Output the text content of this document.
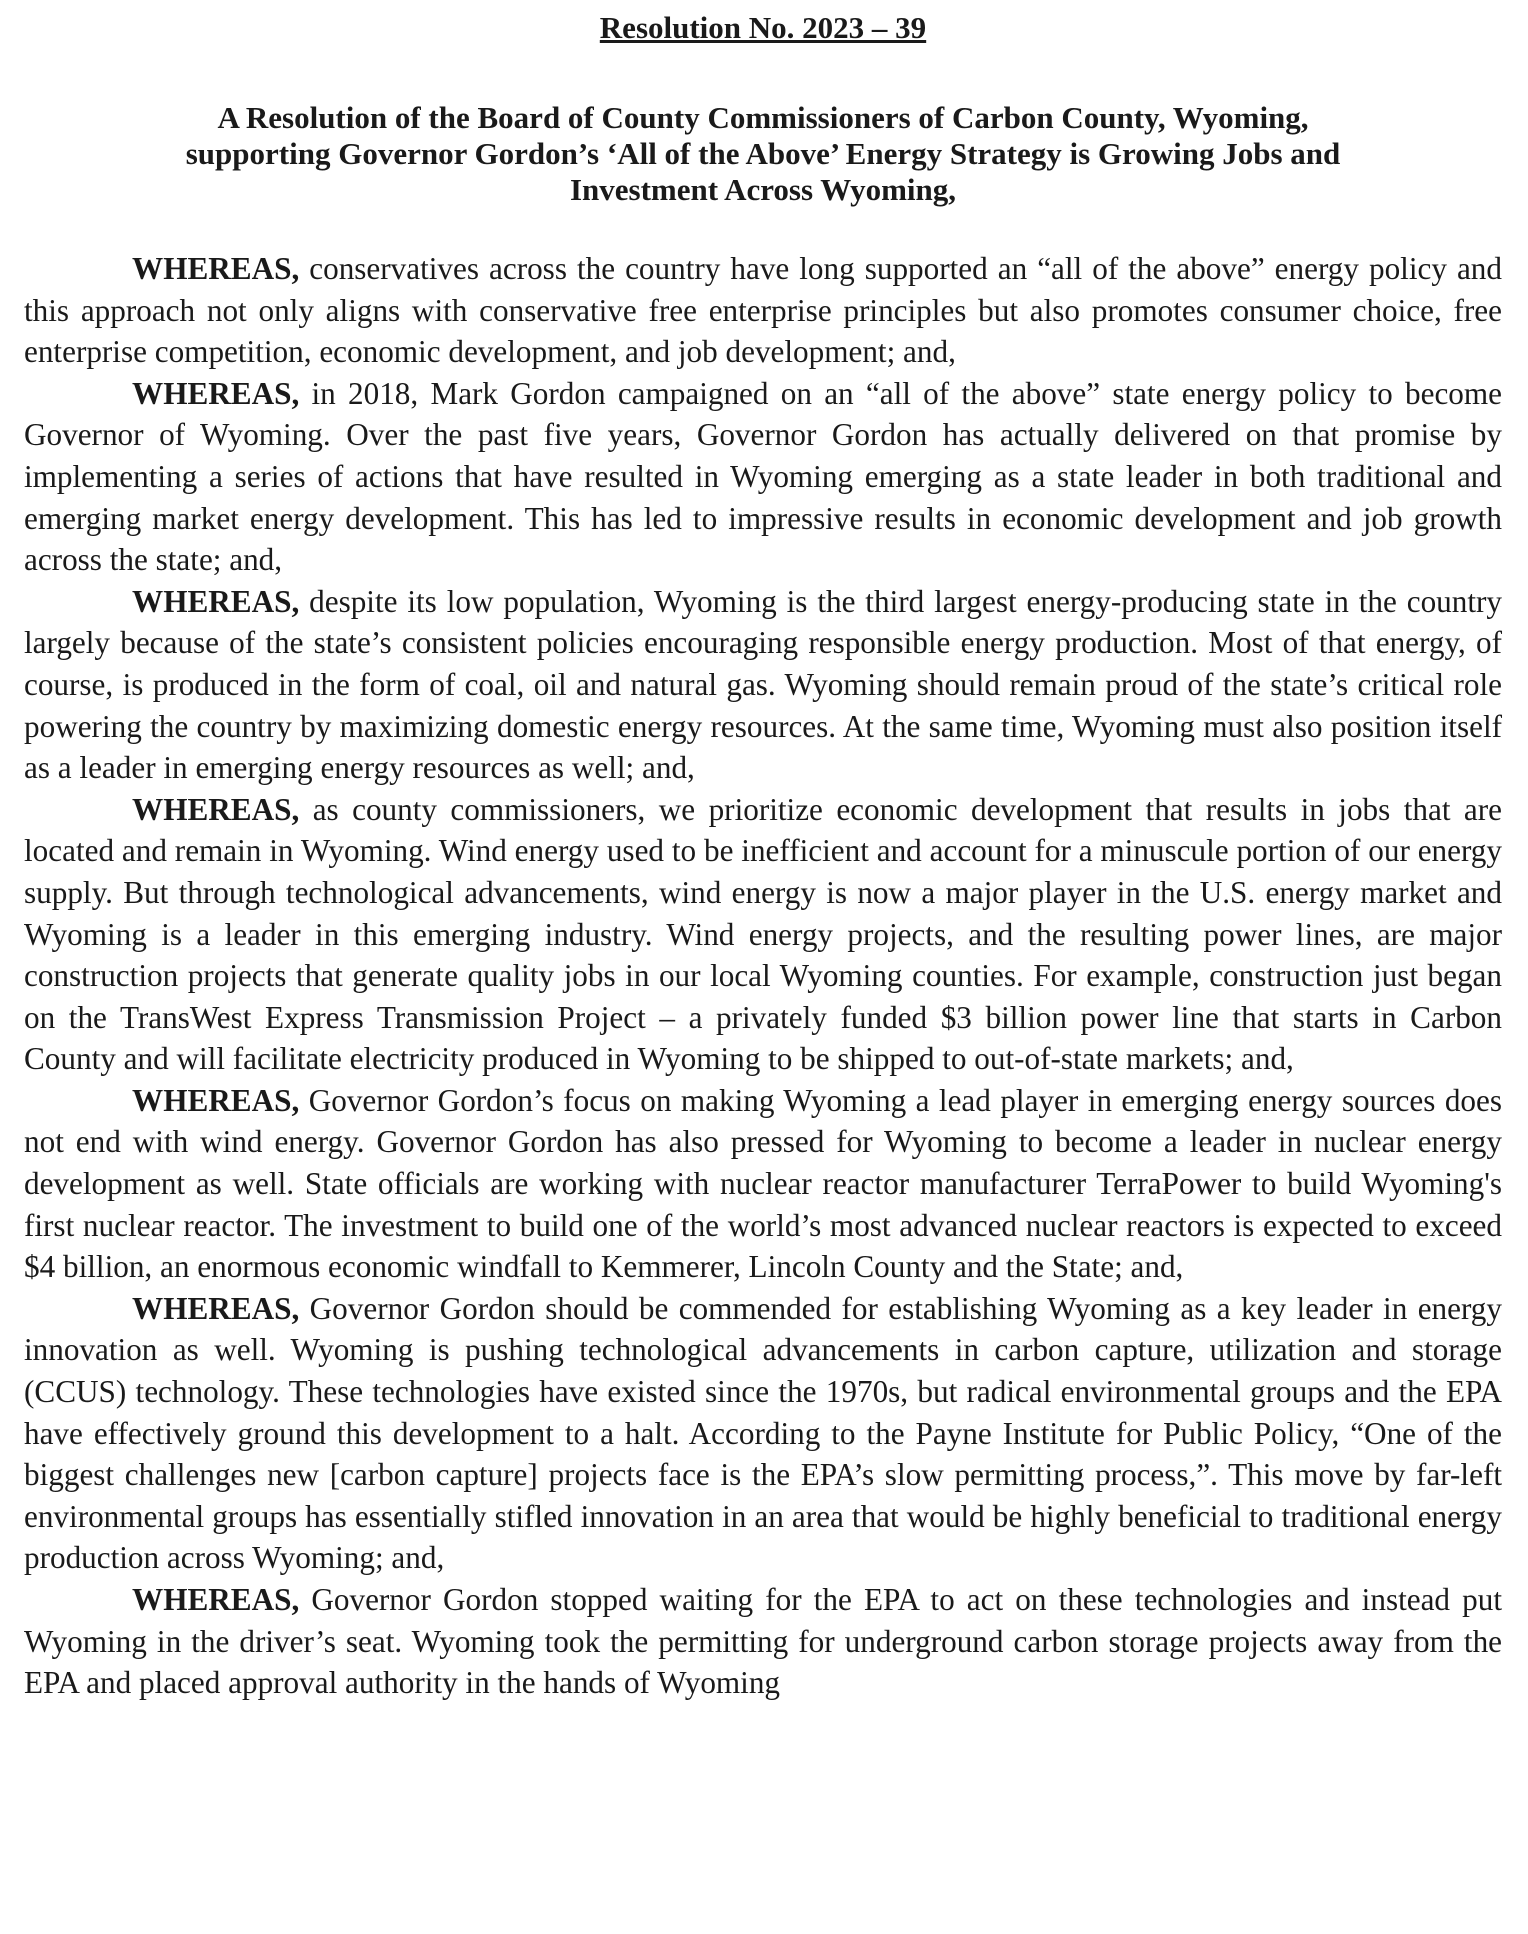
Resolution No. 2023 – 39
A Resolution of the Board of County Commissioners of Carbon County, Wyoming,
supporting Governor Gordon’s ‘All of the Above’ Energy Strategy is Growing Jobs and
Investment Across Wyoming,

WHEREAS, conservatives across the country have long supported an “all of the above” energy policy and this approach not only aligns with conservative free enterprise principles but also promotes consumer choice, free enterprise competition, economic development, and job development; and,

WHEREAS, in 2018, Mark Gordon campaigned on an “all of the above” state energy policy to become Governor of Wyoming. Over the past five years, Governor Gordon has actually delivered on that promise by implementing a series of actions that have resulted in Wyoming emerging as a state leader in both traditional and emerging market energy development. This has led to impressive results in economic development and job growth across the state; and,

WHEREAS, despite its low population, Wyoming is the third largest energy-producing state in the country largely because of the state’s consistent policies encouraging responsible energy production. Most of that energy, of course, is produced in the form of coal, oil and natural gas. Wyoming should remain proud of the state’s critical role powering the country by maximizing domestic energy resources. At the same time, Wyoming must also position itself as a leader in emerging energy resources as well; and,

WHEREAS, as county commissioners, we prioritize economic development that results in jobs that are located and remain in Wyoming. Wind energy used to be inefficient and account for a minuscule portion of our energy supply. But through technological advancements, wind energy is now a major player in the U.S. energy market and Wyoming is a leader in this emerging industry. Wind energy projects, and the resulting power lines, are major construction projects that generate quality jobs in our local Wyoming counties. For example, construction just began on the TransWest Express Transmission Project – a privately funded $3 billion power line that starts in Carbon County and will facilitate electricity produced in Wyoming to be shipped to out-of-state markets; and,

WHEREAS, Governor Gordon’s focus on making Wyoming a lead player in emerging energy sources does not end with wind energy. Governor Gordon has also pressed for Wyoming to become a leader in nuclear energy development as well. State officials are working with nuclear reactor manufacturer TerraPower to build Wyoming's first nuclear reactor. The investment to build one of the world’s most advanced nuclear reactors is expected to exceed $4 billion, an enormous economic windfall to Kemmerer, Lincoln County and the State; and,

WHEREAS, Governor Gordon should be commended for establishing Wyoming as a key leader in energy innovation as well. Wyoming is pushing technological advancements in carbon capture, utilization and storage (CCUS) technology. These technologies have existed since the 1970s, but radical environmental groups and the EPA have effectively ground this development to a halt. According to the Payne Institute for Public Policy, “One of the biggest challenges new [carbon capture] projects face is the EPA’s slow permitting process,”. This move by far-left environmental groups has essentially stifled innovation in an area that would be highly beneficial to traditional energy production across Wyoming; and,

WHEREAS, Governor Gordon stopped waiting for the EPA to act on these technologies and instead put Wyoming in the driver’s seat. Wyoming took the permitting for underground carbon storage projects away from the EPA and placed approval authority in the hands of Wyoming
